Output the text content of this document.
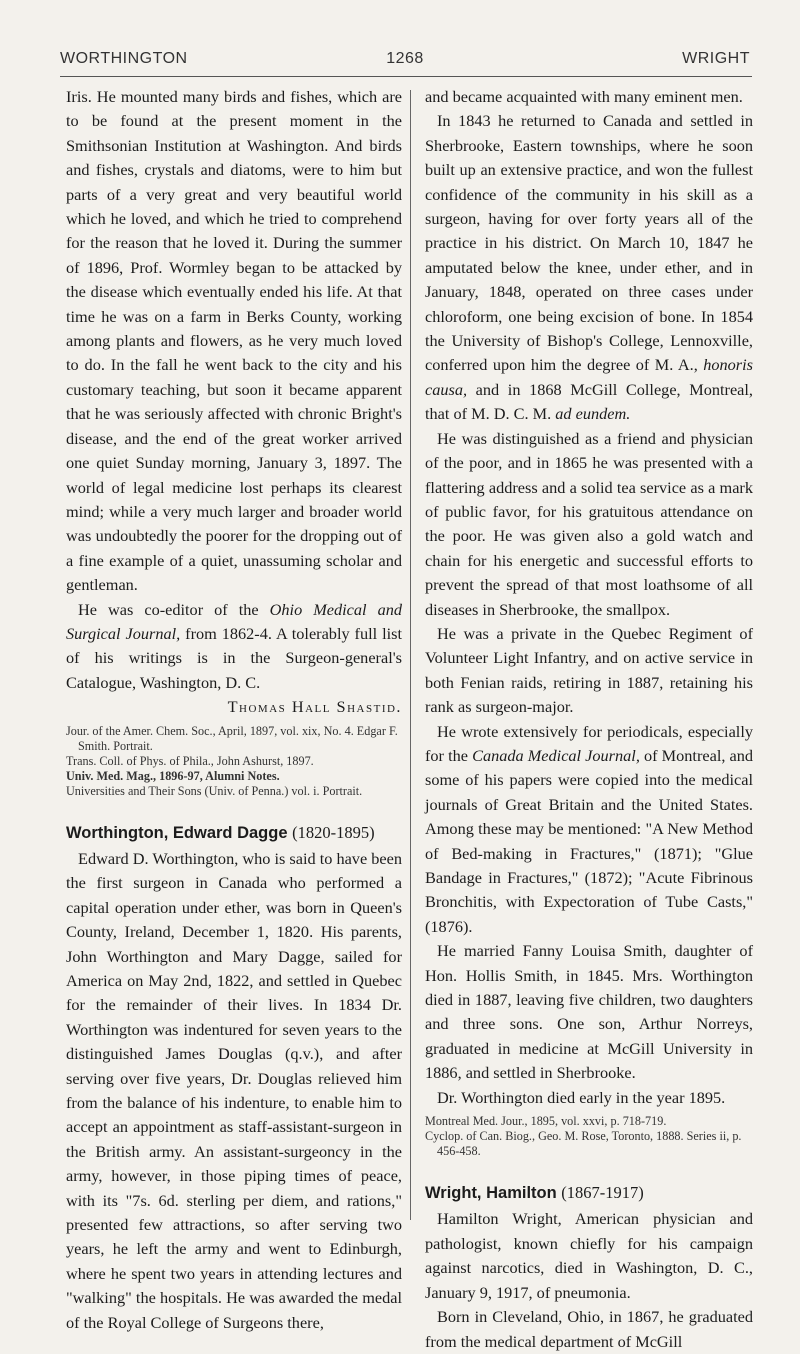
WORTHINGTON	1268	WRIGHT

Iris. He mounted many birds and fishes, which are to be found at the present moment in the Smithsonian Institution at Washington. And birds and fishes, crystals and diatoms, were to him but parts of a very great and very beautiful world which he loved, and which he tried to comprehend for the reason that he loved it. During the summer of 1896, Prof. Wormley began to be attacked by the disease which eventually ended his life. At that time he was on a farm in Berks County, working among plants and flowers, as he very much loved to do. In the fall he went back to the city and his customary teaching, but soon it became apparent that he was seriously affected with chronic Bright's disease, and the end of the great worker arrived one quiet Sunday morning, January 3, 1897. The world of legal medicine lost perhaps its clearest mind; while a very much larger and broader world was undoubtedly the poorer for the dropping out of a fine example of a quiet, unassuming scholar and gentleman.

He was co-editor of the Ohio Medical and Surgical Journal, from 1862-4. A tolerably full list of his writings is in the Surgeon-general's Catalogue, Washington, D. C.

Thomas Hall Shastid.

Jour. of the Amer. Chem. Soc., April, 1897, vol. xix, No. 4. Edgar F. Smith. Portrait.
Trans. Coll. of Phys. of Phila., John Ashurst, 1897.
Univ. Med. Mag., 1896-97, Alumni Notes.
Universities and Their Sons (Univ. of Penna.) vol. i. Portrait.
Worthington, Edward Dagge (1820-1895)

Edward D. Worthington, who is said to have been the first surgeon in Canada who performed a capital operation under ether, was born in Queen's County, Ireland, December 1, 1820. His parents, John Worthington and Mary Dagge, sailed for America on May 2nd, 1822, and settled in Quebec for the remainder of their lives. In 1834 Dr. Worthington was indentured for seven years to the distinguished James Douglas (q.v.), and after serving over five years, Dr. Douglas relieved him from the balance of his indenture, to enable him to accept an appointment as staff-assistant-surgeon in the British army. An assistant-surgeoncy in the army, however, in those piping times of peace, with its "7s. 6d. sterling per diem, and rations," presented few attractions, so after serving two years, he left the army and went to Edinburgh, where he spent two years in attending lectures and "walking" the hospitals. He was awarded the medal of the Royal College of Surgeons there,

and became acquainted with many eminent men.

In 1843 he returned to Canada and settled in Sherbrooke, Eastern townships, where he soon built up an extensive practice, and won the fullest confidence of the community in his skill as a surgeon, having for over forty years all of the practice in his district. On March 10, 1847 he amputated below the knee, under ether, and in January, 1848, operated on three cases under chloroform, one being excision of bone. In 1854 the University of Bishop's College, Lennoxville, conferred upon him the degree of M. A., honoris causa, and in 1868 McGill College, Montreal, that of M. D. C. M. ad eundem.

He was distinguished as a friend and physician of the poor, and in 1865 he was presented with a flattering address and a solid tea service as a mark of public favor, for his gratuitous attendance on the poor. He was given also a gold watch and chain for his energetic and successful efforts to prevent the spread of that most loathsome of all diseases in Sherbrooke, the smallpox.

He was a private in the Quebec Regiment of Volunteer Light Infantry, and on active service in both Fenian raids, retiring in 1887, retaining his rank as surgeon-major.

He wrote extensively for periodicals, especially for the Canada Medical Journal, of Montreal, and some of his papers were copied into the medical journals of Great Britain and the United States. Among these may be mentioned: "A New Method of Bed-making in Fractures," (1871); "Glue Bandage in Fractures," (1872); "Acute Fibrinous Bronchitis, with Expectoration of Tube Casts," (1876).

He married Fanny Louisa Smith, daughter of Hon. Hollis Smith, in 1845. Mrs. Worthington died in 1887, leaving five children, two daughters and three sons. One son, Arthur Norreys, graduated in medicine at McGill University in 1886, and settled in Sherbrooke.

Dr. Worthington died early in the year 1895.

Montreal Med. Jour., 1895, vol. xxvi, p. 718-719.
Cyclop. of Can. Biog., Geo. M. Rose, Toronto, 1888. Series ii, p. 456-458.
Wright, Hamilton (1867-1917)

Hamilton Wright, American physician and pathologist, known chiefly for his campaign against narcotics, died in Washington, D. C., January 9, 1917, of pneumonia.

Born in Cleveland, Ohio, in 1867, he graduated from the medical department of McGill
